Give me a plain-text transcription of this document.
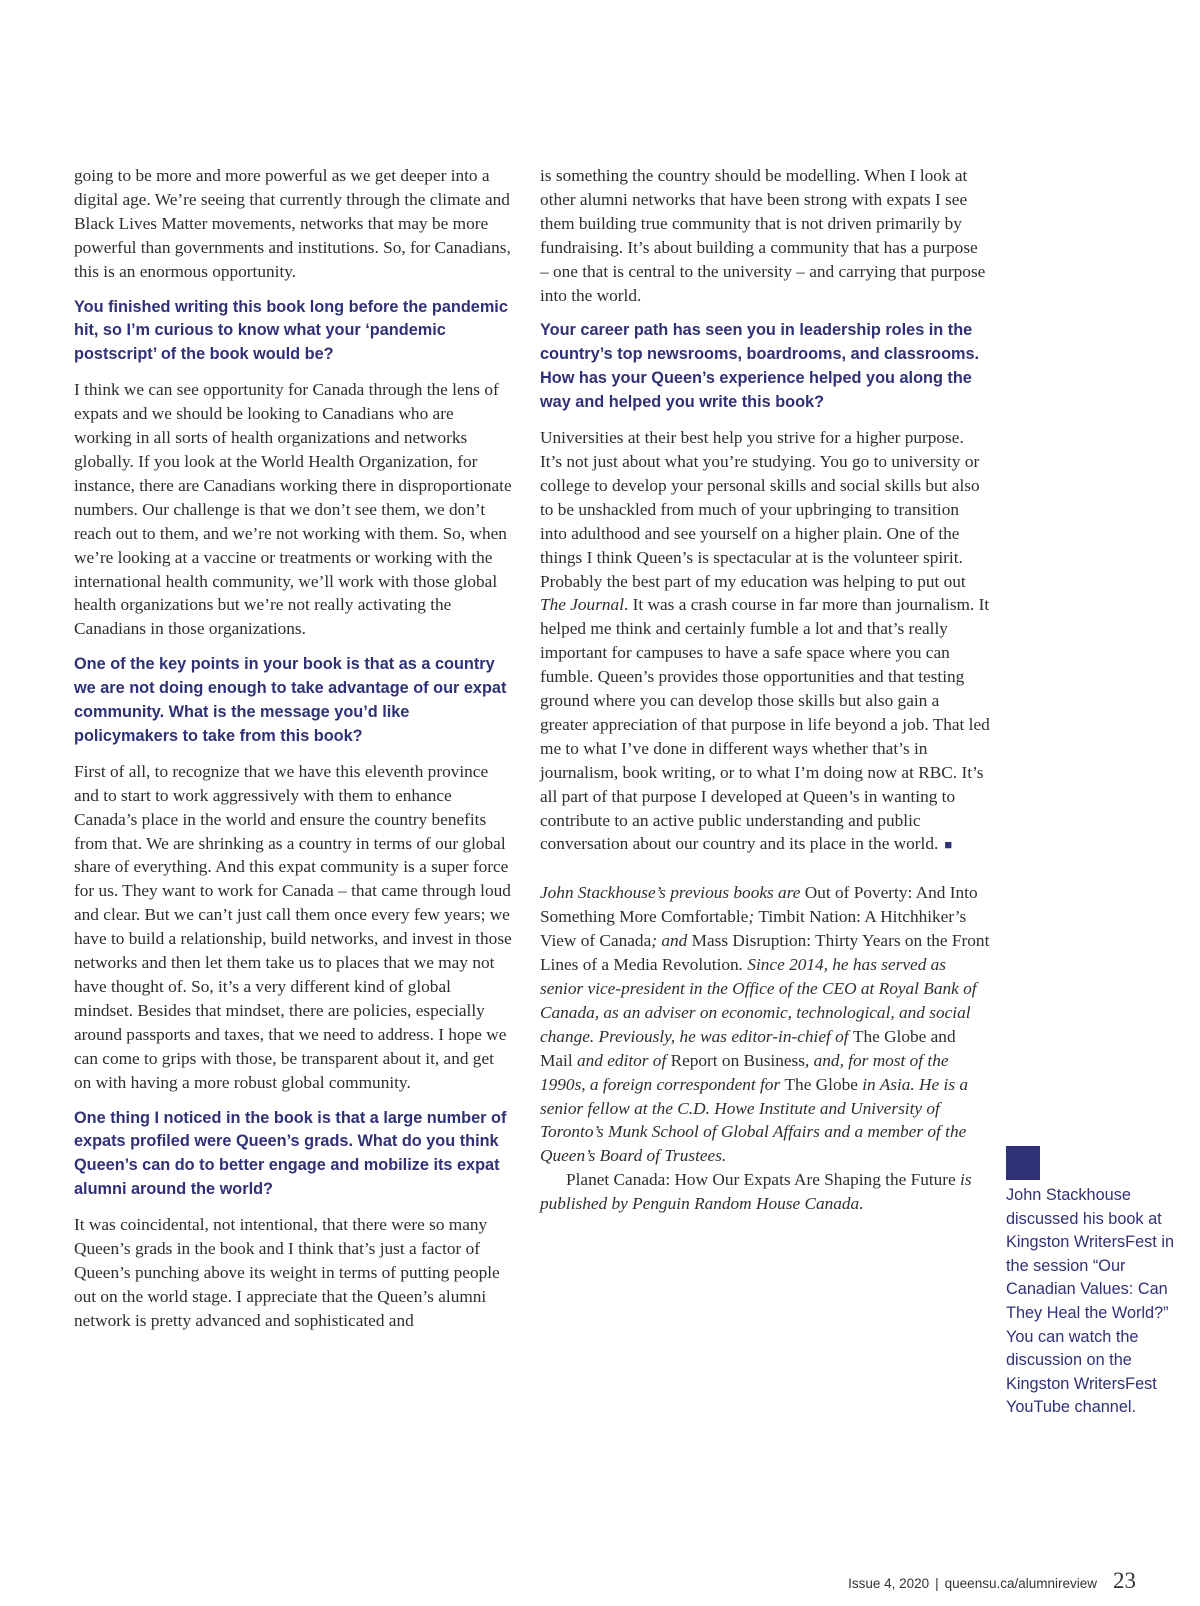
going to be more and more powerful as we get deeper into a digital age. We’re seeing that currently through the climate and Black Lives Matter movements, networks that may be more powerful than governments and institutions. So, for Canadians, this is an enormous opportunity.

You finished writing this book long before the pandemic hit, so I’m curious to know what your ‘pandemic postscript’ of the book would be?

I think we can see opportunity for Canada through the lens of expats and we should be looking to Canadians who are working in all sorts of health organizations and networks globally. If you look at the World Health Organization, for instance, there are Canadians working there in disproportionate numbers. Our challenge is that we don’t see them, we don’t reach out to them, and we’re not working with them. So, when we’re looking at a vaccine or treatments or working with the international health community, we’ll work with those global health organizations but we’re not really activating the Canadians in those organizations.

One of the key points in your book is that as a country we are not doing enough to take advantage of our expat community. What is the message you’d like policymakers to take from this book?

First of all, to recognize that we have this eleventh province and to start to work aggressively with them to enhance Canada’s place in the world and ensure the country benefits from that. We are shrinking as a country in terms of our global share of everything. And this expat community is a super force for us. They want to work for Canada – that came through loud and clear. But we can’t just call them once every few years; we have to build a relationship, build networks, and invest in those networks and then let them take us to places that we may not have thought of. So, it’s a very different kind of global mindset. Besides that mindset, there are policies, especially around passports and taxes, that we need to address. I hope we can come to grips with those, be transparent about it, and get on with having a more robust global community.

One thing I noticed in the book is that a large number of expats profiled were Queen’s grads. What do you think Queen’s can do to better engage and mobilize its expat alumni around the world?

It was coincidental, not intentional, that there were so many Queen’s grads in the book and I think that’s just a factor of Queen’s punching above its weight in terms of putting people out on the world stage. I appreciate that the Queen’s alumni network is pretty advanced and sophisticated and

is something the country should be modelling. When I look at other alumni networks that have been strong with expats I see them building true community that is not driven primarily by fundraising. It’s about building a community that has a purpose – one that is central to the university – and carrying that purpose into the world.

Your career path has seen you in leadership roles in the country’s top newsrooms, boardrooms, and classrooms. How has your Queen’s experience helped you along the way and helped you write this book?

Universities at their best help you strive for a higher purpose. It’s not just about what you’re studying. You go to university or college to develop your personal skills and social skills but also to be unshackled from much of your upbringing to transition into adulthood and see yourself on a higher plain. One of the things I think Queen’s is spectacular at is the volunteer spirit. Probably the best part of my education was helping to put out The Journal. It was a crash course in far more than journalism. It helped me think and certainly fumble a lot and that’s really important for campuses to have a safe space where you can fumble. Queen’s provides those opportunities and that testing ground where you can develop those skills but also gain a greater appreciation of that purpose in life beyond a job. That led me to what I’ve done in different ways whether that’s in journalism, book writing, or to what I’m doing now at RBC. It’s all part of that purpose I developed at Queen’s in wanting to contribute to an active public understanding and public conversation about our country and its place in the world. ■

John Stackhouse’s previous books are Out of Poverty: And Into Something More Comfortable; Timbit Nation: A Hitchhiker’s View of Canada; and Mass Disruption: Thirty Years on the Front Lines of a Media Revolution. Since 2014, he has served as senior vice-president in the Office of the CEO at Royal Bank of Canada, as an adviser on economic, technological, and social change. Previously, he was editor-in-chief of The Globe and Mail and editor of Report on Business, and, for most of the 1990s, a foreign correspondent for The Globe in Asia. He is a senior fellow at the C.D. Howe Institute and University of Toronto’s Munk School of Global Affairs and a member of the Queen’s Board of Trustees.

Planet Canada: How Our Expats Are Shaping the Future is published by Penguin Random House Canada.	John Stackhouse discussed his book at Kingston WritersFest in the session “Our Canadian Values: Can They Heal the World?” You can watch the discussion on the Kingston WritersFest YouTube channel.
Issue 4, 2020 | queensu.ca/alumnireview 23
